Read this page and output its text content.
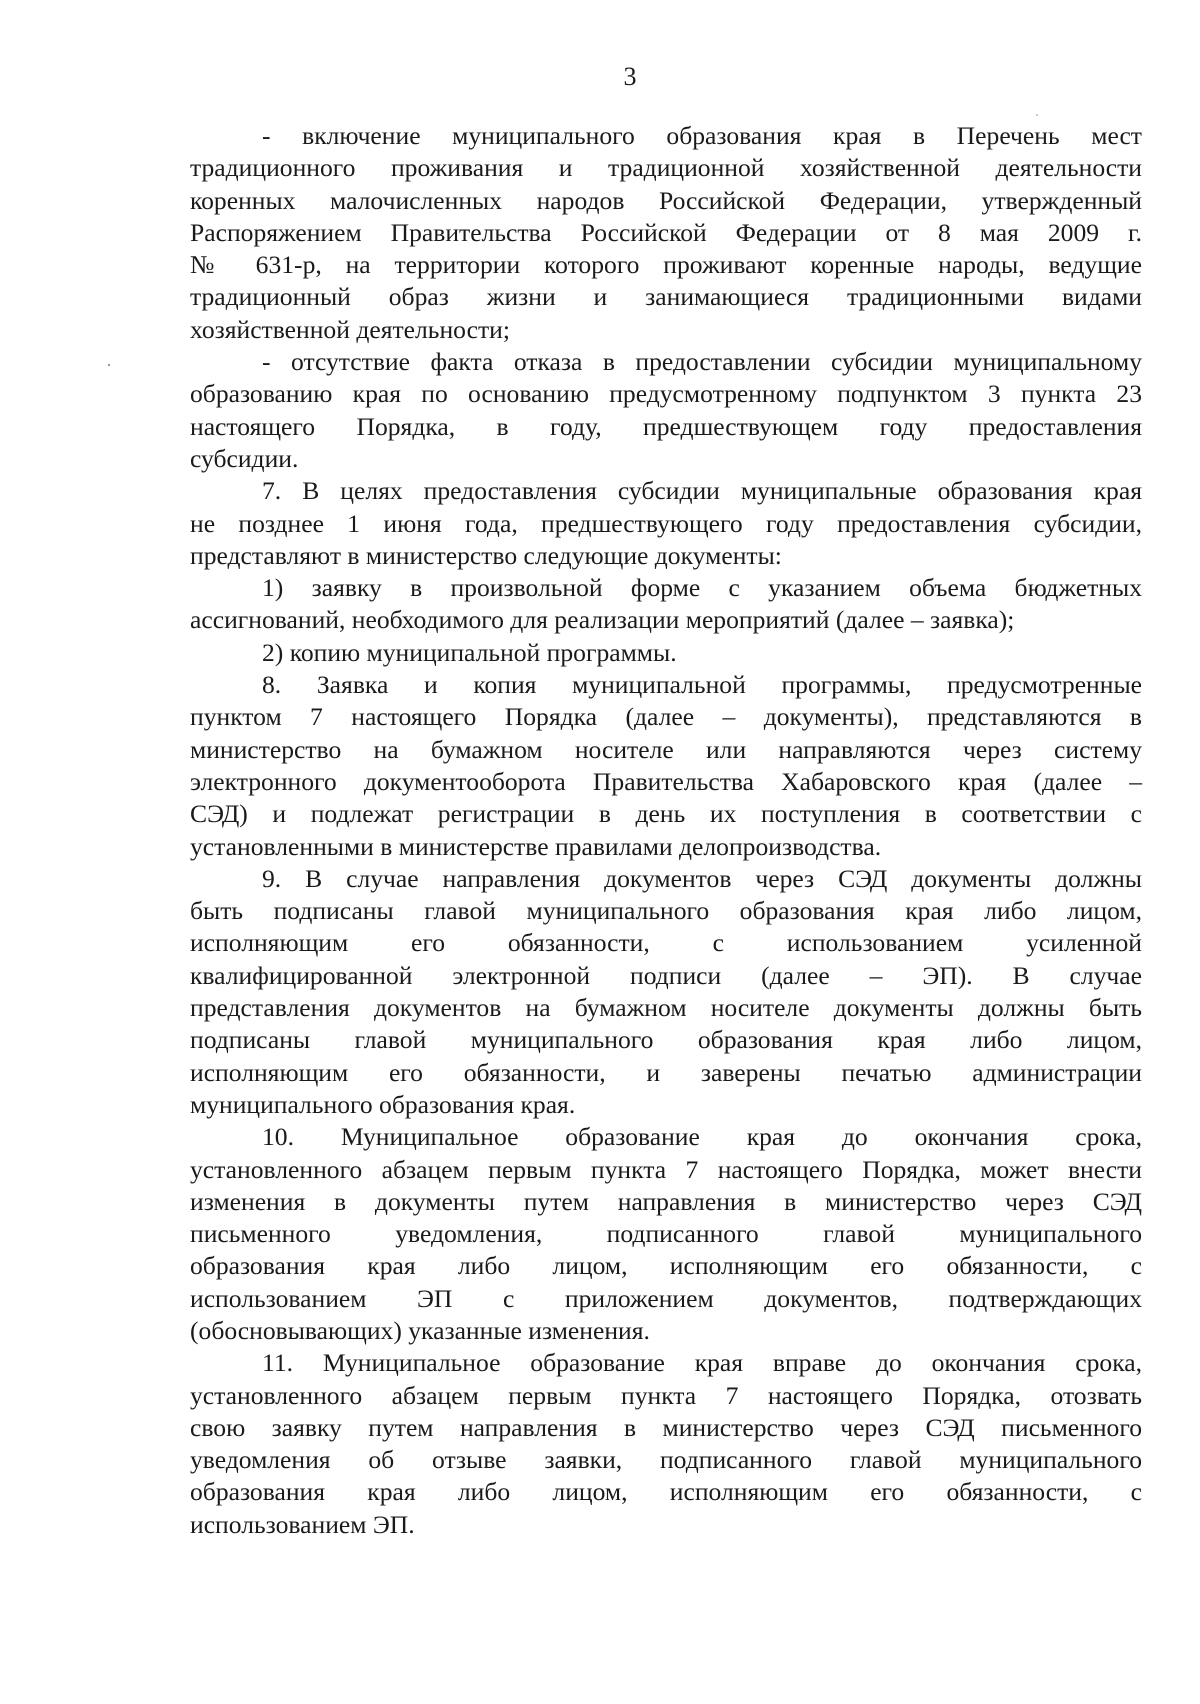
3
- включение муниципального образования края в Перечень мест
традиционного проживания и традиционной хозяйственной деятельности
коренных малочисленных народов Российской Федерации, утвержденный
Распоряжением Правительства Российской Федерации от 8 мая 2009 г.
№ 631-р, на территории которого проживают коренные народы, ведущие
традиционный образ жизни и занимающиеся традиционными видами
хозяйственной деятельности;
- отсутствие факта отказа в предоставлении субсидии муниципальному
образованию края по основанию предусмотренному подпунктом 3 пункта 23
настоящего Порядка, в году, предшествующем году предоставления
субсидии.
7. В целях предоставления субсидии муниципальные образования края
не позднее 1 июня года, предшествующего году предоставления субсидии,
представляют в министерство следующие документы:
1) заявку в произвольной форме с указанием объема бюджетных
ассигнований, необходимого для реализации мероприятий (далее – заявка);
2) копию муниципальной программы.
8. Заявка и копия муниципальной программы, предусмотренные
пунктом 7 настоящего Порядка (далее – документы), представляются в
министерство на бумажном носителе или направляются через систему
электронного документооборота Правительства Хабаровского края (далее –
СЭД) и подлежат регистрации в день их поступления в соответствии с
установленными в министерстве правилами делопроизводства.
9. В случае направления документов через СЭД документы должны
быть подписаны главой муниципального образования края либо лицом,
исполняющим его обязанности, с использованием усиленной
квалифицированной электронной подписи (далее – ЭП). В случае
представления документов на бумажном носителе документы должны быть
подписаны главой муниципального образования края либо лицом,
исполняющим его обязанности, и заверены печатью администрации
муниципального образования края.
10. Муниципальное образование края до окончания срока,
установленного абзацем первым пункта 7 настоящего Порядка, может внести
изменения в документы путем направления в министерство через СЭД
письменного уведомления, подписанного главой муниципального
образования края либо лицом, исполняющим его обязанности, с
использованием ЭП с приложением документов, подтверждающих
(обосновывающих) указанные изменения.
11. Муниципальное образование края вправе до окончания срока,
установленного абзацем первым пункта 7 настоящего Порядка, отозвать
свою заявку путем направления в министерство через СЭД письменного
уведомления об отзыве заявки, подписанного главой муниципального
образования края либо лицом, исполняющим его обязанности, с
использованием ЭП.
